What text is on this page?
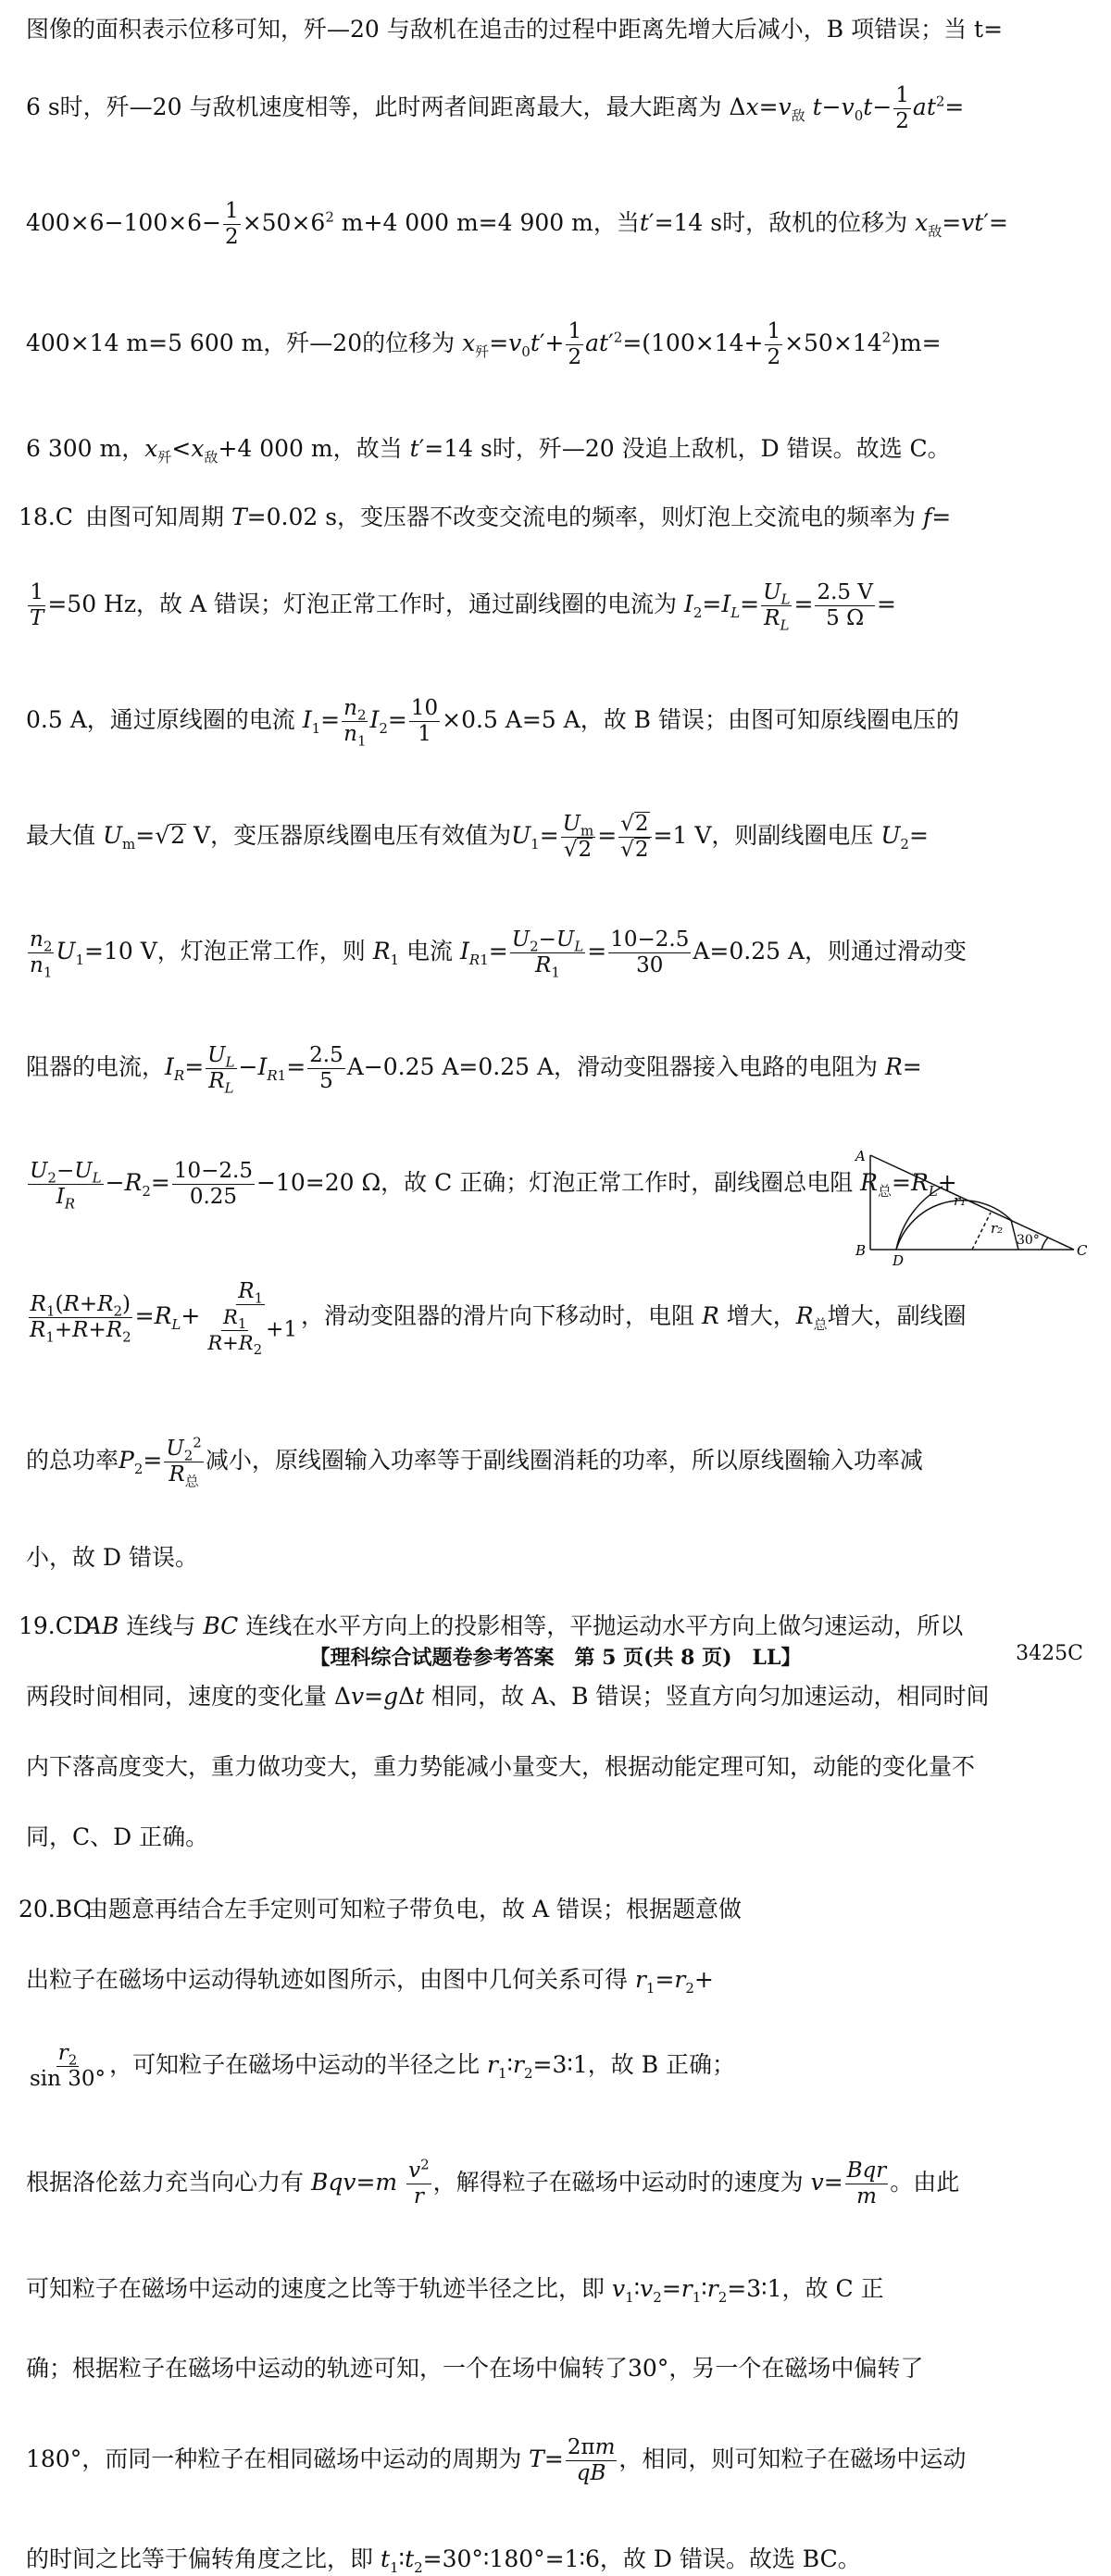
图像的面积表示位移可知，歼—20 与敌机在追击的过程中距离先增大后减小，B 项错误；当 t=
6 s时，歼—20 与敌机速度相等，此时两者间距离最大，最大距离为 $\Delta x=v_敌$ $t-v_0t- \frac{1}{2} at^2=$
$400\times 6-100\times 6- \frac{1}{2} \times 50\times 6^2$ m+4 000 m=4 900 m，当t′=14 s时，敌机的位移为 $x_敌=vt'=$
400×14 m=5 600 m，歼—20的位移为 $x_歼=v_0t'+ \frac{1}{2} at'^2=(100\times 14+ \frac{1}{2} \times 50\times 14^2)m=$
6 300 m，$x_歼<x_敌+4$ 000 m，故当 t′=14 s时，歼—20 没追上敌机，D 错误。故选 C。
18.C 由图可知周期 T=0.02 s，变压器不改变交流电的频率，则灯泡上交流电的频率为 f=
$\frac{1}{T} =50$ Hz，故 A 错误；灯泡正常工作时，通过副线圈的电流为 $I_2=I_L= \frac{U_L}{R_L} = \frac{2.5 V}{5 \Omega}$ =
0.5 A，通过原线圈的电流 $I_1= \frac{n_2}{n_1} I_2= \frac{10}{1} \times 0.5$ A=5 A，故 B 错误；由图可知原线圈电压的
最大值 $U_m=√2$ V，变压器原线圈电压有效值为$U_1= \frac{U_m}{√2} = \frac{√2}{√2} =1$ V，则副线圈电压 $U_2=$
$\frac{n_2}{n_1} U_1=10$ V，灯泡正常工作，则 $R_1$ 电流 $I_{R1}= \frac{U_2-U_L}{R_1} = \frac{10-2.5}{30} A=0.25$ A，则通过滑动变
阻器的电流，$I_R= \frac{U_L}{R_L} -I_{R1}= \frac{2.5}{5} A-0.25$ A=0.25 A，滑动变阻器接入电路的电阻为 R=
$\frac{U_2-U_L}{I_R} -R_2= \frac{10-2.5}{0.25} -10=20$ Ω，故 C 正确；灯泡正常工作时，副线圈总电阻 $R_总=R_L+$
$\frac{R_1(R+R_2)}{R_1+R+R_2} =R_L+ \frac{R_1}{\frac{R_1}{R+R_2} +1}$ ，滑动变阻器的滑片向下移动时，电阻 R 增大，$R_总$增大，副线圈
的总功率$P_2= \frac{U_2^2}{R_总}$ 减小，原线圈输入功率等于副线圈消耗的功率，所以原线圈输入功率减
小，故 D 错误。
19.CDAB 连线与 BC 连线在水平方向上的投影相等，平抛运动水平方向上做匀速运动，所以
两段时间相同，速度的变化量 Δv=gΔt 相同，故 A、B 错误；竖直方向匀加速运动，相同时间
内下落高度变大，重力做功变大，重力势能减小量变大，根据动能定理可知，动能的变化量不
同，C、D 正确。
20.BC由题意再结合左手定则可知粒子带负电，故 A 错误；根据题意做
出粒子在磁场中运动得轨迹如图所示，由图中几何关系可得 $r_1=r_2+$
$\frac{r_2}{\sin 30^\circ}$ ，可知粒子在磁场中运动的半径之比 $r_1∶r_2=3∶1$，故 B 正确；
根据洛伦兹力充当向心力有 $Bqv=m \frac{v^2}{r}$ ，解得粒子在磁场中运动时的速度为 $v= \frac{\text{Bqr}}{m}$ 。由此
可知粒子在磁场中运动的速度之比等于轨迹半径之比，即 $v_1∶v_2=r_1∶r_2=3∶1$，故 C 正
确；根据粒子在磁场中运动的轨迹可知，一个在场中偏转了30°，另一个在磁场中偏转了
180°，而同一种粒子在相同磁场中运动的周期为 $T= \frac{2\pi m}{qB}$ ，相同，则可知粒子在磁场中运动
的时间之比等于偏转角度之比，即 $t_1∶t_2=30^\circ∶180^\circ=1∶6$，故 D 错误。故选 BC。
A
B
D
C
r₁
r₂
30°
【理科综合试题卷参考答案　第 5 页(共 8 页)　LL】	3425C
